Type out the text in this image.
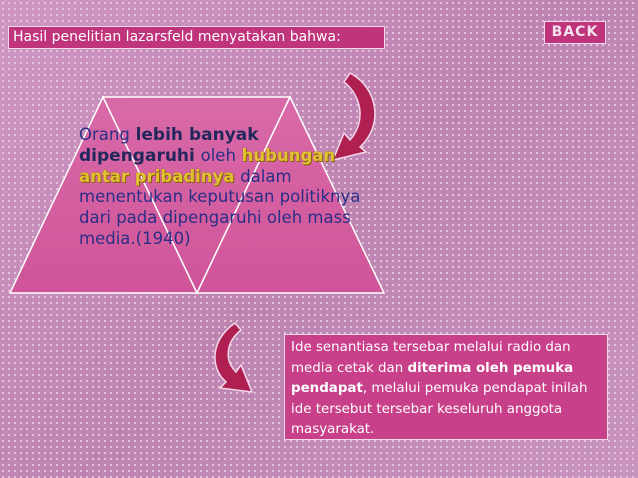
Hasil penelitian lazarsfeld menyatakan bahwa:	BACK
Orang lebih banyak
dipengaruhi oleh hubungan
antar pribadinya dalam
menentukan keputusan politiknya
dari pada dipengaruhi oleh mass
media.(1940)
Ide senantiasa tersebar melalui radio dan media cetak dan diterima oleh pemuka pendapat, melalui pemuka pendapat inilah ide tersebut tersebar keseluruh anggota masyarakat.
